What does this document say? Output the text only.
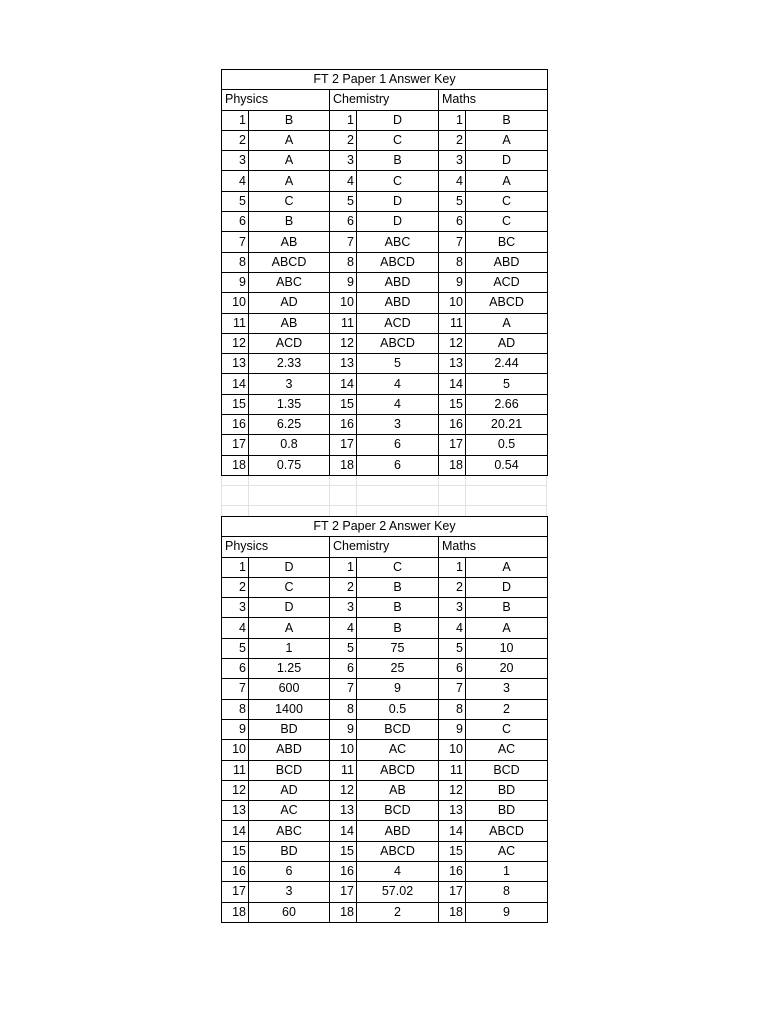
FT 2 Paper 1 Answer Key					
Physics		Chemistry		Maths	
1	B	1	D	1	B
2	A	2	C	2	A
3	A	3	B	3	D
4	A	4	C	4	A
5	C	5	D	5	C
6	B	6	D	6	C
7	AB	7	ABC	7	BC
8	ABCD	8	ABCD	8	ABD
9	ABC	9	ABD	9	ACD
10	AD	10	ABD	10	ABCD
11	AB	11	ACD	11	A
12	ACD	12	ABCD	12	AD
13	2.33	13	5	13	2.44
14	3	14	4	14	5
15	1.35	15	4	15	2.66
16	6.25	16	3	16	20.21
17	0.8	17	6	17	0.5
18	0.75	18	6	18	0.54
FT 2 Paper 2 Answer Key					
Physics		Chemistry		Maths	
1	D	1	C	1	A
2	C	2	B	2	D
3	D	3	B	3	B
4	A	4	B	4	A
5	1	5	75	5	10
6	1.25	6	25	6	20
7	600	7	9	7	3
8	1400	8	0.5	8	2
9	BD	9	BCD	9	C
10	ABD	10	AC	10	AC
11	BCD	11	ABCD	11	BCD
12	AD	12	AB	12	BD
13	AC	13	BCD	13	BD
14	ABC	14	ABD	14	ABCD
15	BD	15	ABCD	15	AC
16	6	16	4	16	1
17	3	17	57.02	17	8
18	60	18	2	18	9
